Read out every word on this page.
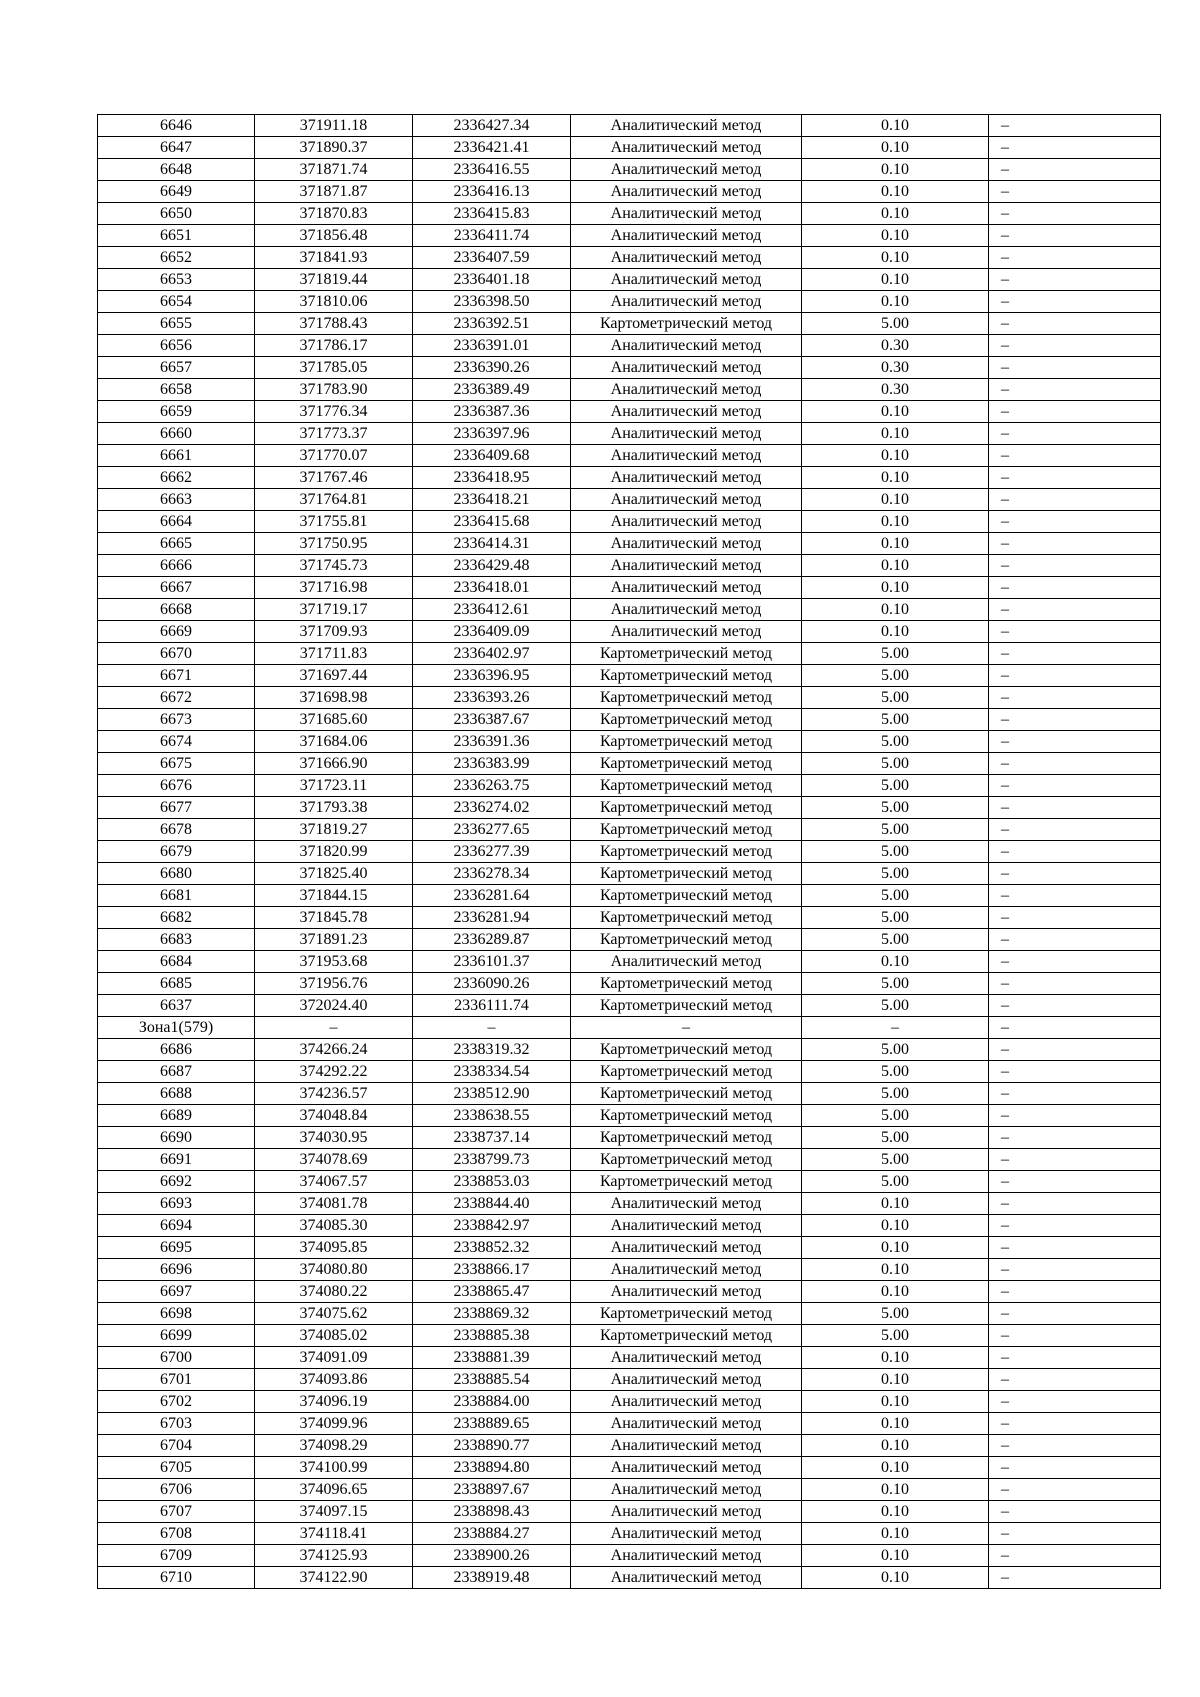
6646	371911.18	2336427.34	Аналитический метод	0.10	–
6647	371890.37	2336421.41	Аналитический метод	0.10	–
6648	371871.74	2336416.55	Аналитический метод	0.10	–
6649	371871.87	2336416.13	Аналитический метод	0.10	–
6650	371870.83	2336415.83	Аналитический метод	0.10	–
6651	371856.48	2336411.74	Аналитический метод	0.10	–
6652	371841.93	2336407.59	Аналитический метод	0.10	–
6653	371819.44	2336401.18	Аналитический метод	0.10	–
6654	371810.06	2336398.50	Аналитический метод	0.10	–
6655	371788.43	2336392.51	Картометрический метод	5.00	–
6656	371786.17	2336391.01	Аналитический метод	0.30	–
6657	371785.05	2336390.26	Аналитический метод	0.30	–
6658	371783.90	2336389.49	Аналитический метод	0.30	–
6659	371776.34	2336387.36	Аналитический метод	0.10	–
6660	371773.37	2336397.96	Аналитический метод	0.10	–
6661	371770.07	2336409.68	Аналитический метод	0.10	–
6662	371767.46	2336418.95	Аналитический метод	0.10	–
6663	371764.81	2336418.21	Аналитический метод	0.10	–
6664	371755.81	2336415.68	Аналитический метод	0.10	–
6665	371750.95	2336414.31	Аналитический метод	0.10	–
6666	371745.73	2336429.48	Аналитический метод	0.10	–
6667	371716.98	2336418.01	Аналитический метод	0.10	–
6668	371719.17	2336412.61	Аналитический метод	0.10	–
6669	371709.93	2336409.09	Аналитический метод	0.10	–
6670	371711.83	2336402.97	Картометрический метод	5.00	–
6671	371697.44	2336396.95	Картометрический метод	5.00	–
6672	371698.98	2336393.26	Картометрический метод	5.00	–
6673	371685.60	2336387.67	Картометрический метод	5.00	–
6674	371684.06	2336391.36	Картометрический метод	5.00	–
6675	371666.90	2336383.99	Картометрический метод	5.00	–
6676	371723.11	2336263.75	Картометрический метод	5.00	–
6677	371793.38	2336274.02	Картометрический метод	5.00	–
6678	371819.27	2336277.65	Картометрический метод	5.00	–
6679	371820.99	2336277.39	Картометрический метод	5.00	–
6680	371825.40	2336278.34	Картометрический метод	5.00	–
6681	371844.15	2336281.64	Картометрический метод	5.00	–
6682	371845.78	2336281.94	Картометрический метод	5.00	–
6683	371891.23	2336289.87	Картометрический метод	5.00	–
6684	371953.68	2336101.37	Аналитический метод	0.10	–
6685	371956.76	2336090.26	Картометрический метод	5.00	–
6637	372024.40	2336111.74	Картометрический метод	5.00	–
Зона1(579)	–	–	–	–	–
6686	374266.24	2338319.32	Картометрический метод	5.00	–
6687	374292.22	2338334.54	Картометрический метод	5.00	–
6688	374236.57	2338512.90	Картометрический метод	5.00	–
6689	374048.84	2338638.55	Картометрический метод	5.00	–
6690	374030.95	2338737.14	Картометрический метод	5.00	–
6691	374078.69	2338799.73	Картометрический метод	5.00	–
6692	374067.57	2338853.03	Картометрический метод	5.00	–
6693	374081.78	2338844.40	Аналитический метод	0.10	–
6694	374085.30	2338842.97	Аналитический метод	0.10	–
6695	374095.85	2338852.32	Аналитический метод	0.10	–
6696	374080.80	2338866.17	Аналитический метод	0.10	–
6697	374080.22	2338865.47	Аналитический метод	0.10	–
6698	374075.62	2338869.32	Картометрический метод	5.00	–
6699	374085.02	2338885.38	Картометрический метод	5.00	–
6700	374091.09	2338881.39	Аналитический метод	0.10	–
6701	374093.86	2338885.54	Аналитический метод	0.10	–
6702	374096.19	2338884.00	Аналитический метод	0.10	–
6703	374099.96	2338889.65	Аналитический метод	0.10	–
6704	374098.29	2338890.77	Аналитический метод	0.10	–
6705	374100.99	2338894.80	Аналитический метод	0.10	–
6706	374096.65	2338897.67	Аналитический метод	0.10	–
6707	374097.15	2338898.43	Аналитический метод	0.10	–
6708	374118.41	2338884.27	Аналитический метод	0.10	–
6709	374125.93	2338900.26	Аналитический метод	0.10	–
6710	374122.90	2338919.48	Аналитический метод	0.10	–
